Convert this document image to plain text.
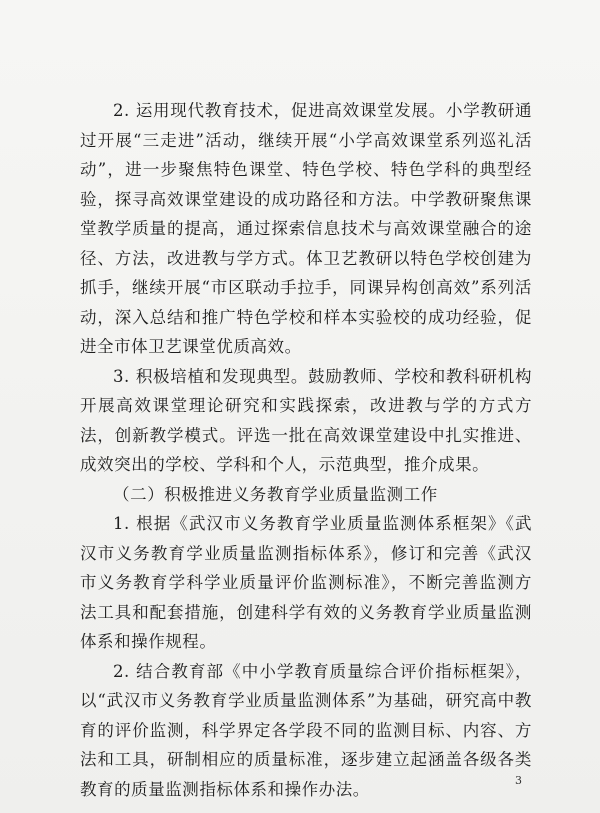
2. 运用现代教育技术，促进高效课堂发展。小学教研通过开展“三走进”活动，继续开展“小学高效课堂系列巡礼活动”，进一步聚焦特色课堂、特色学校、特色学科的典型经验，探寻高效课堂建设的成功路径和方法。中学教研聚焦课堂教学质量的提高，通过探索信息技术与高效课堂融合的途径、方法，改进教与学方式。体卫艺教研以特色学校创建为抓手，继续开展“市区联动手拉手，同课异构创高效”系列活动，深入总结和推广特色学校和样本实验校的成功经验，促进全市体卫艺课堂优质高效。

3. 积极培植和发现典型。鼓励教师、学校和教科研机构开展高效课堂理论研究和实践探索，改进教与学的方式方法，创新教学模式。评选一批在高效课堂建设中扎实推进、成效突出的学校、学科和个人，示范典型，推介成果。

（二）积极推进义务教育学业质量监测工作

1. 根据《武汉市义务教育学业质量监测体系框架》《武汉市义务教育学业质量监测指标体系》，修订和完善《武汉市义务教育学科学业质量评价监测标准》，不断完善监测方法工具和配套措施，创建科学有效的义务教育学业质量监测体系和操作规程。

2. 结合教育部《中小学教育质量综合评价指标框架》，以“武汉市义务教育学业质量监测体系”为基础，研究高中教育的评价监测，科学界定各学段不同的监测目标、内容、方法和工具，研制相应的质量标准，逐步建立起涵盖各级各类教育的质量监测指标体系和操作办法。	3
